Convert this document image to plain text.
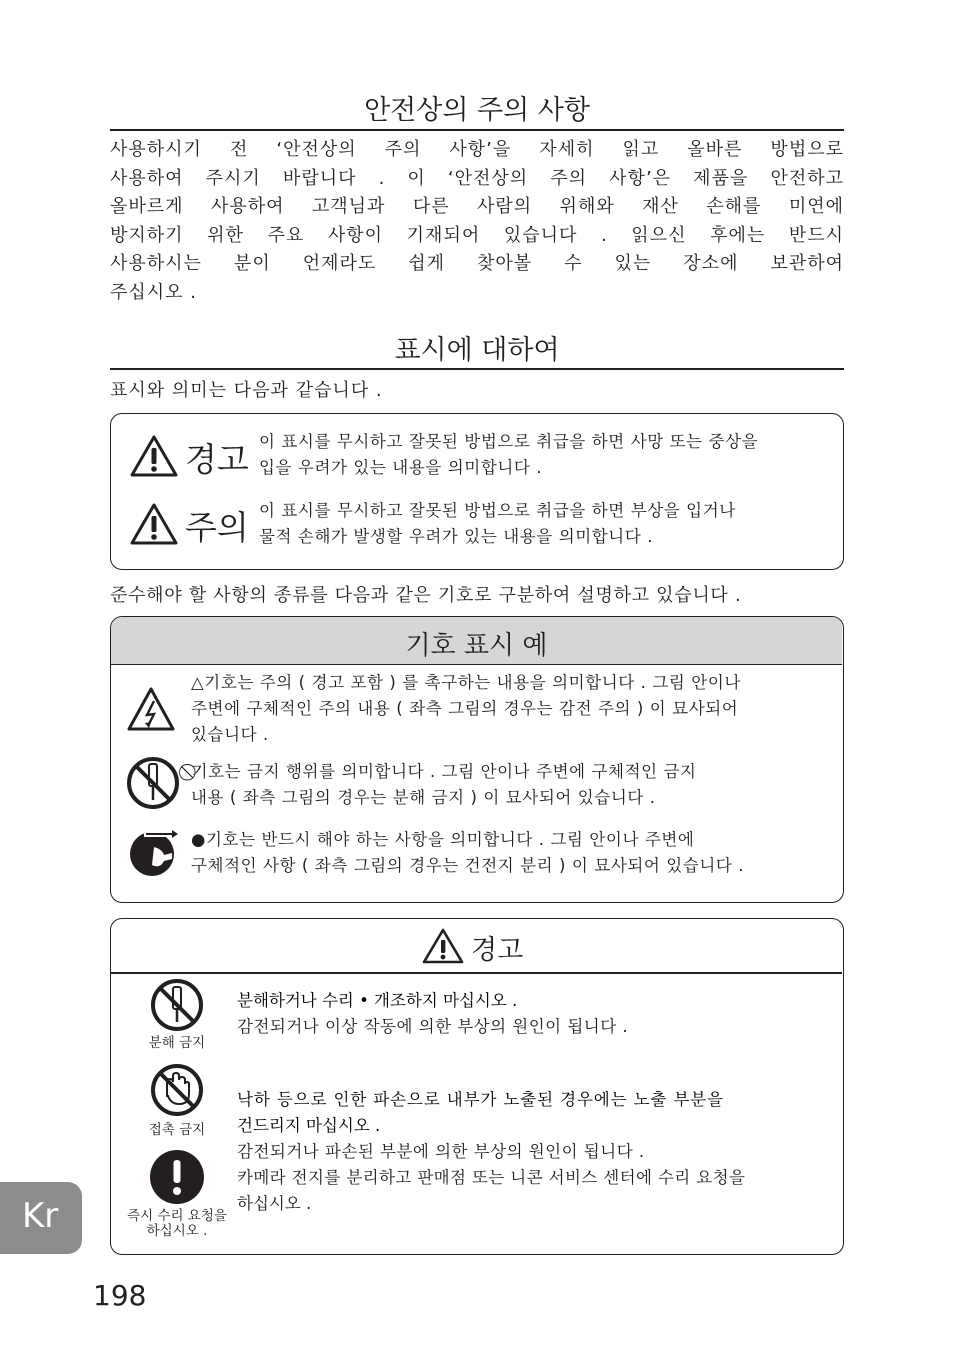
안전상의 주의 사항
사용하시기 전 ‘안전상의 주의 사항’을 자세히 읽고 올바른 방법으로
사용하여 주시기 바랍니다 . 이 ‘안전상의 주의 사항’은 제품을 안전하고
올바르게 사용하여 고객님과 다른 사람의 위해와 재산 손해를 미연에
방지하기 위한 주요 사항이 기재되어 있습니다 . 읽으신 후에는 반드시
사용하시는 분이 언제라도 쉽게 찾아볼 수 있는 장소에 보관하여
주십시오 .
표시에 대하여
표시와 의미는 다음과 같습니다 .
경고 이 표시를 무시하고 잘못된 방법으로 취급을 하면 사망 또는 중상을
입을 우려가 있는 내용을 의미합니다 .
주의 이 표시를 무시하고 잘못된 방법으로 취급을 하면 부상을 입거나
물적 손해가 발생할 우려가 있는 내용을 의미합니다 .
준수해야 할 사항의 종류를 다음과 같은 기호로 구분하여 설명하고 있습니다 .
기호 표시 예
△기호는 주의 ( 경고 포함 ) 를 촉구하는 내용을 의미합니다 . 그림 안이나
주변에 구체적인 주의 내용 ( 좌측 그림의 경우는 감전 주의 ) 이 묘사되어
있습니다 .
⃠기호는 금지 행위를 의미합니다 . 그림 안이나 주변에 구체적인 금지
내용 ( 좌측 그림의 경우는 분해 금지 ) 이 묘사되어 있습니다 .
●기호는 반드시 해야 하는 사항을 의미합니다 . 그림 안이나 주변에
구체적인 사항 ( 좌측 그림의 경우는 건전지 분리 ) 이 묘사되어 있습니다 .
경고
분해 금지
접촉 금지
즉시 수리 요청을
하십시오 .
분해하거나 수리 • 개조하지 마십시오 .
감전되거나 이상 작동에 의한 부상의 원인이 됩니다 .
낙하 등으로 인한 파손으로 내부가 노출된 경우에는 노출 부분을
건드리지 마십시오 .
감전되거나 파손된 부분에 의한 부상의 원인이 됩니다 .
카메라 전지를 분리하고 판매점 또는 니콘 서비스 센터에 수리 요청을
하십시오 .
Kr
198
